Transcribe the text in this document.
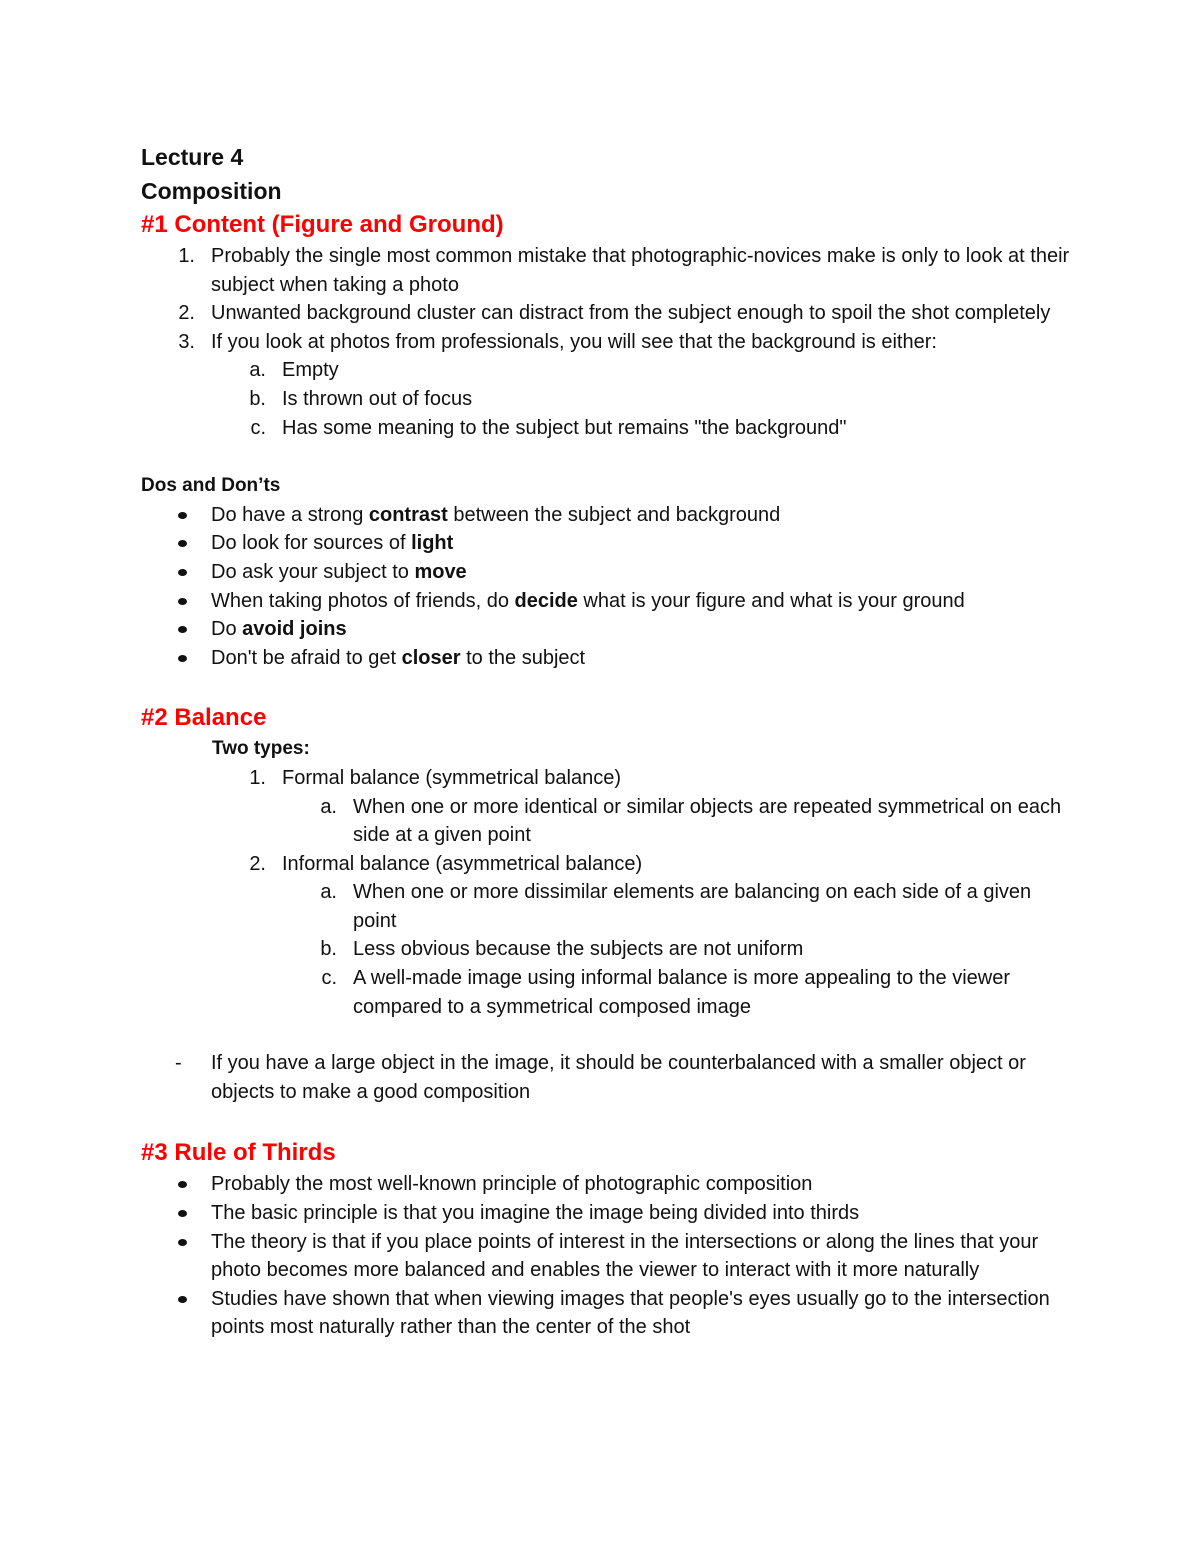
Lecture 4
Composition
#1 Content (Figure and Ground)
1. Probably the single most common mistake that photographic-novices make is only to look at their subject when taking a photo
2. Unwanted background cluster can distract from the subject enough to spoil the shot completely
3. If you look at photos from professionals, you will see that the background is either:
a. Empty
b. Is thrown out of focus
c. Has some meaning to the subject but remains "the background"
Dos and Don’ts
Do have a strong contrast between the subject and background
Do look for sources of light
Do ask your subject to move
When taking photos of friends, do decide what is your figure and what is your ground
Do avoid joins
Don't be afraid to get closer to the subject
#2 Balance
Two types:
1. Formal balance (symmetrical balance)
a. When one or more identical or similar objects are repeated symmetrical on each side at a given point
2. Informal balance (asymmetrical balance)
a. When one or more dissimilar elements are balancing on each side of a given point
b. Less obvious because the subjects are not uniform
c. A well-made image using informal balance is more appealing to the viewer compared to a symmetrical composed image
- If you have a large object in the image, it should be counterbalanced with a smaller object or objects to make a good composition
#3 Rule of Thirds
Probably the most well-known principle of photographic composition
The basic principle is that you imagine the image being divided into thirds
The theory is that if you place points of interest in the intersections or along the lines that your photo becomes more balanced and enables the viewer to interact with it more naturally
Studies have shown that when viewing images that people's eyes usually go to the intersection points most naturally rather than the center of the shot
